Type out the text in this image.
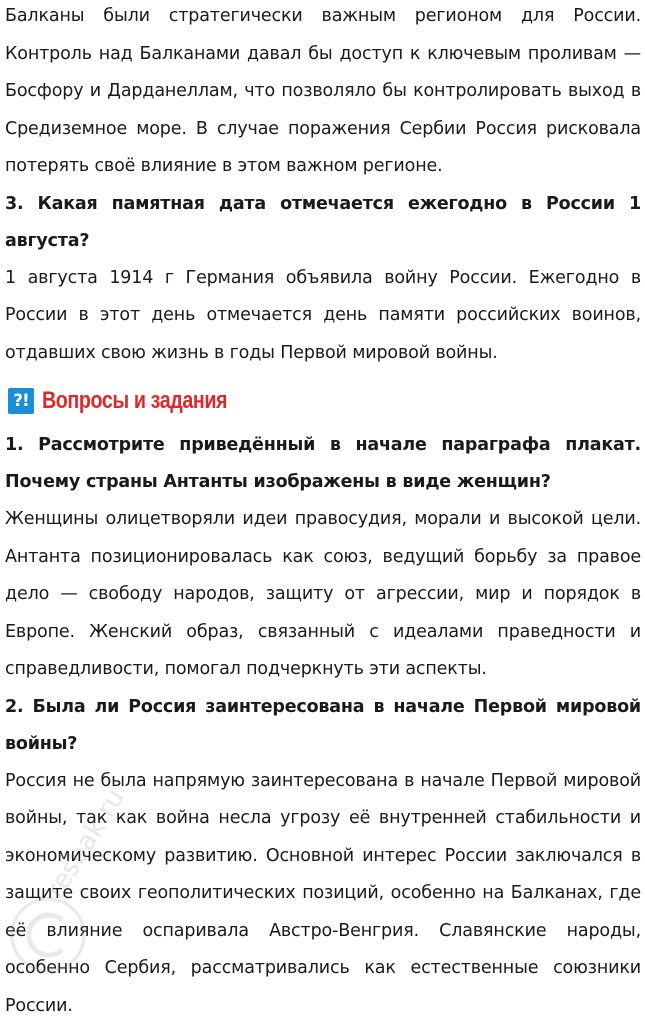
Балканы были стратегически важным регионом для России. Контроль над Балканами давал бы доступ к ключевым проливам — Босфору и Дарданеллам, что позволяло бы контролировать выход в Средиземное море. В случае поражения Сербии Россия рисковала потерять своё влияние в этом важном регионе.

3. Какая памятная дата отмечается ежегодно в России 1 августа?

1 августа 1914 г Германия объявила войну России. Ежегодно в России в этот день отмечается день памяти российских воинов, отдавших свою жизнь в годы Первой мировой войны.

?! Вопросы и задания
1. Рассмотрите приведённый в начале параграфа плакат. Почему страны Антанты изображены в виде женщин?

Женщины олицетворяли идеи правосудия, морали и высокой цели. Антанта позиционировалась как союз, ведущий борьбу за правое дело — свободу народов, защиту от агрессии, мир и порядок в Европе. Женский образ, связанный с идеалами праведности и справедливости, помогал подчеркнуть эти аспекты.

2. Была ли Россия заинтересована в начале Первой мировой войны?

Россия не была напрямую заинтересована в начале Первой мировой войны, так как война несла угрозу её внутренней стабильности и экономическому развитию. Основной интерес России заключался в защите своих геополитических позиций, особенно на Балканах, где её влияние оспаривала Австро-Венгрия. Славянские народы, особенно Сербия, рассматривались как естественные союзники России.

resbak.ru
